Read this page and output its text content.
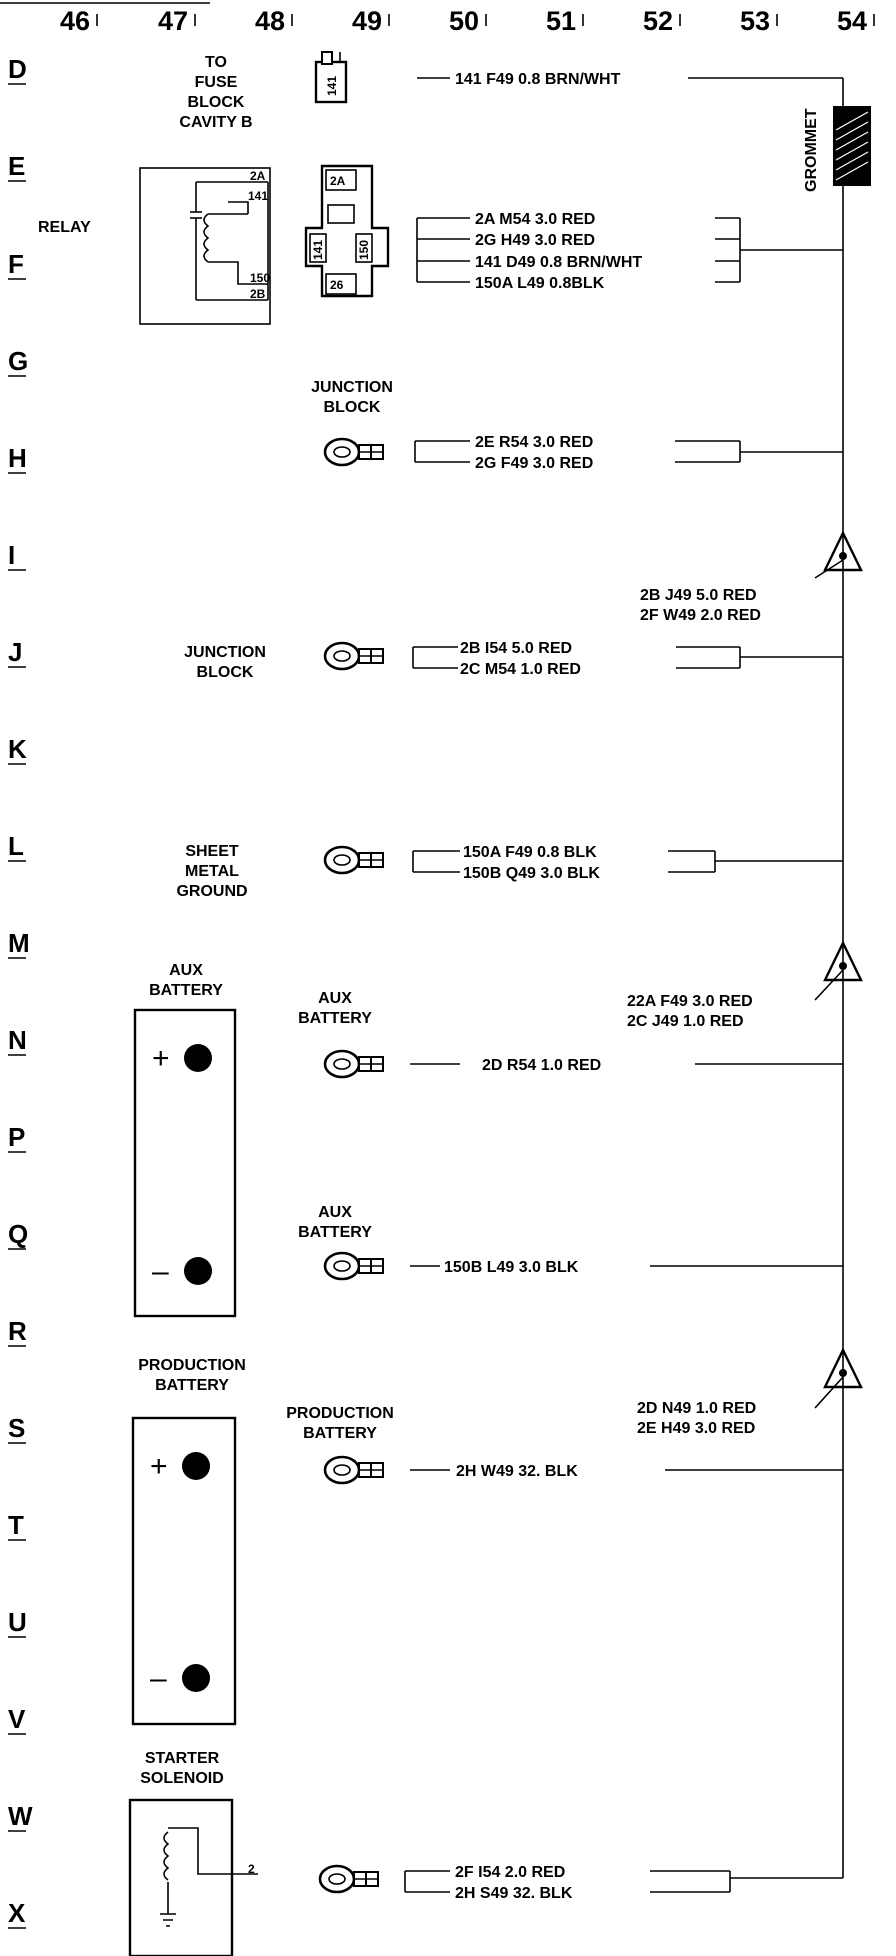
46	47 48 49 50 51 52 53 54
D
E
F
G
H
I
J
K
L
M
N
P
Q
R
S
T
U
V
W
X
TO
FUSE
BLOCK
CAVITY B
141	141 F49 0.8 BRN/WHT
GROMMET
RELAY
2A
141
150
2B
2A
141	150
26
2A M54 3.0 RED
2G H49 3.0 RED
141 D49 0.8 BRN/WHT
150A L49 0.8BLK
JUNCTION
BLOCK
2E R54 3.0 RED
2G F49 3.0 RED
2B J49 5.0 RED
2F W49 2.0 RED
JUNCTION
BLOCK
2B I54 5.0 RED
2C M54 1.0 RED
SHEET
METAL
GROUND
150A F49 0.8 BLK
150B Q49 3.0 BLK
22A F49 3.0 RED
2C J49 1.0 RED
AUX
BATTERY
+
–
AUX
BATTERY
2D R54 1.0 RED
AUX
BATTERY
150B L49 3.0 BLK
2D N49 1.0 RED
2E H49 3.0 RED
PRODUCTION
BATTERY
+
–
PRODUCTION
BATTERY
2H W49 32. BLK
STARTER
SOLENOID
2	2F I54 2.0 RED
2H S49 32. BLK
